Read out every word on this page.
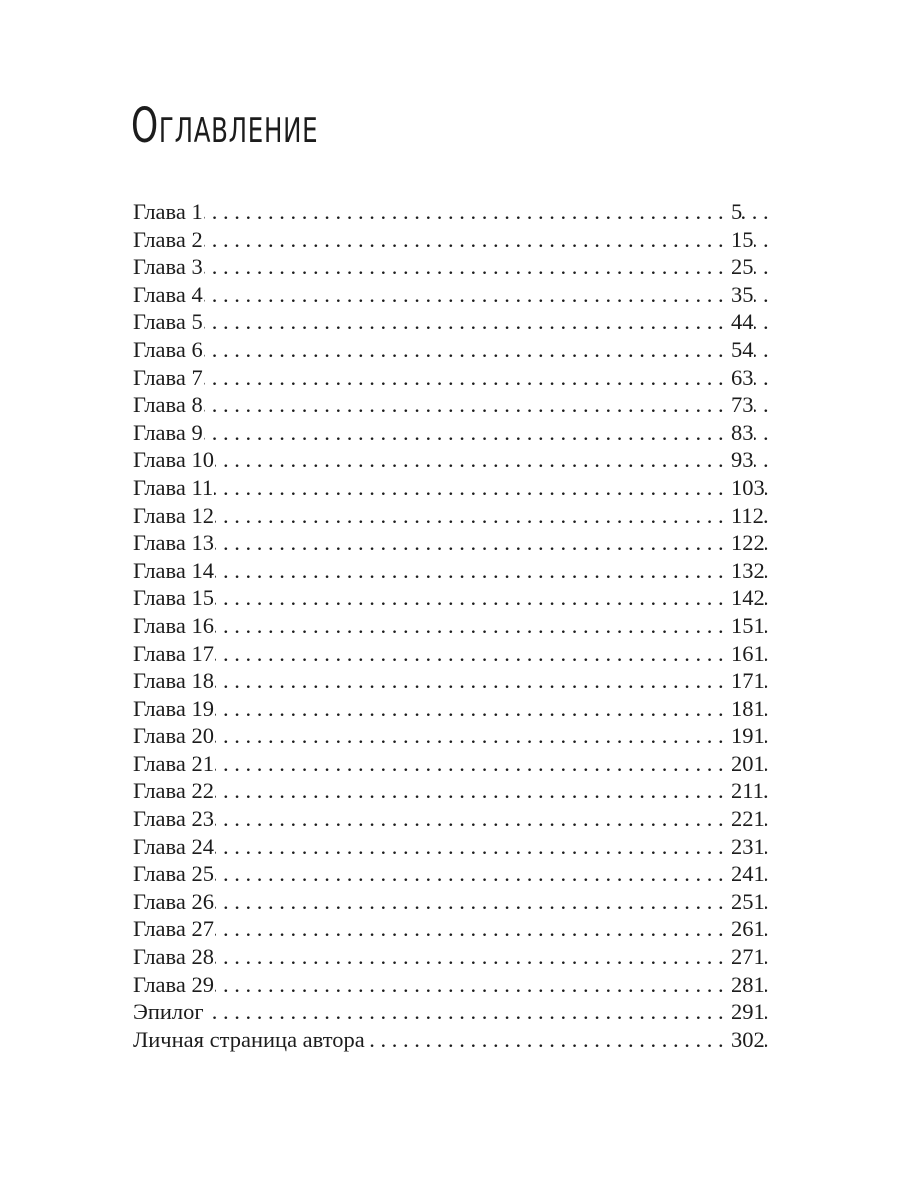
Оглавление
. . .
Глава 1	5
. . .
Глава 2	15
. . .
Глава 3	25
. . .
Глава 4	35
. . .
Глава 5	44
. . .
Глава 6	54
. . .
Глава 7	63
. . .
Глава 8	73
. . .
Глава 9	83
. . .
Глава 10	93
. . .
Глава 11	103
. . .
Глава 12	112
. . .
Глава 13	122
. . .
Глава 14	132
. . .
Глава 15	142
. . .
Глава 16	151
. . .
Глава 17	161
. . .
Глава 18	171
. . .
Глава 19	181
. . .
Глава 20	191
. . .
Глава 21	201
. . .
Глава 22	211
. . .
Глава 23	221
. . .
Глава 24	231
. . .
Глава 25	241
. . .
Глава 26	251
. . .
Глава 27	261
. . .
Глава 28	271
. . .
Глава 29	281
. . .
Эпилог	291
. . .
Личная страница автора	302
